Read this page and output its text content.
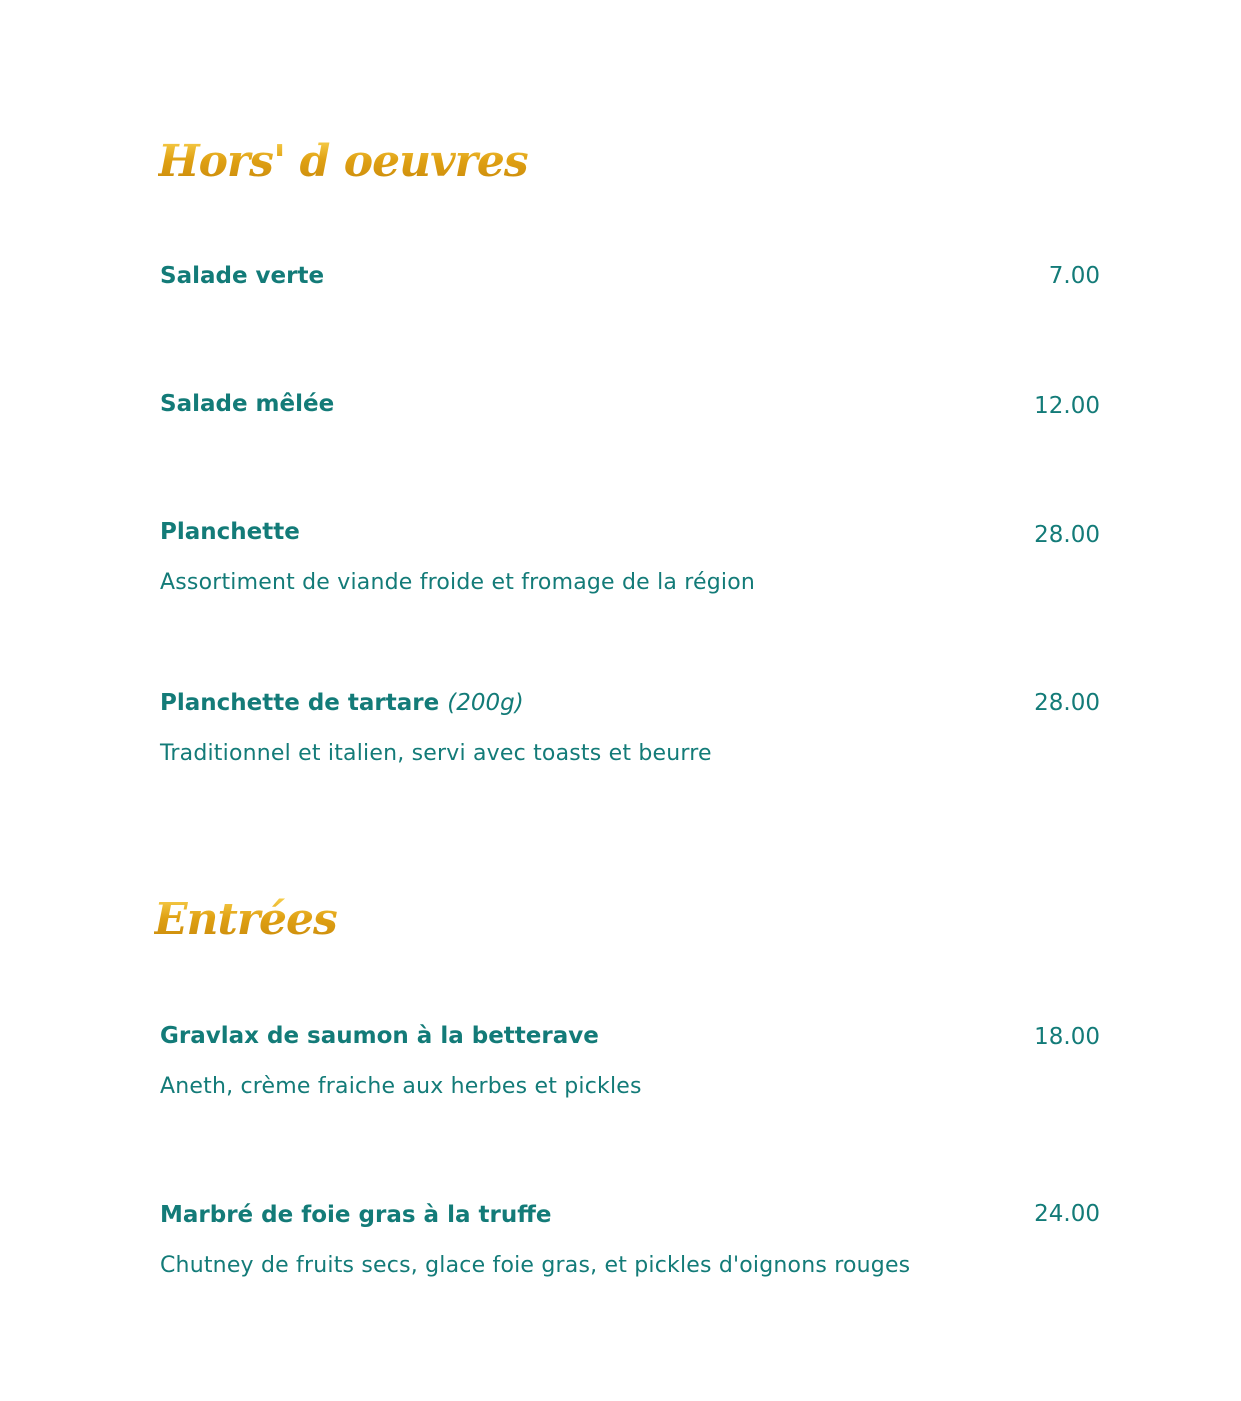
Hors' d oeuvres
Salade verte	7.00
Salade mêlée	12.00
Planchette	28.00
Assortiment de viande froide et fromage de la région
Planchette de tartare (200g)	28.00
Traditionnel et italien, servi avec toasts et beurre
Entrées
Gravlax de saumon à la betterave	18.00
Aneth, crème fraiche aux herbes et pickles
Marbré de foie gras à la truffe	24.00
Chutney de fruits secs, glace foie gras, et pickles d'oignons rouges
